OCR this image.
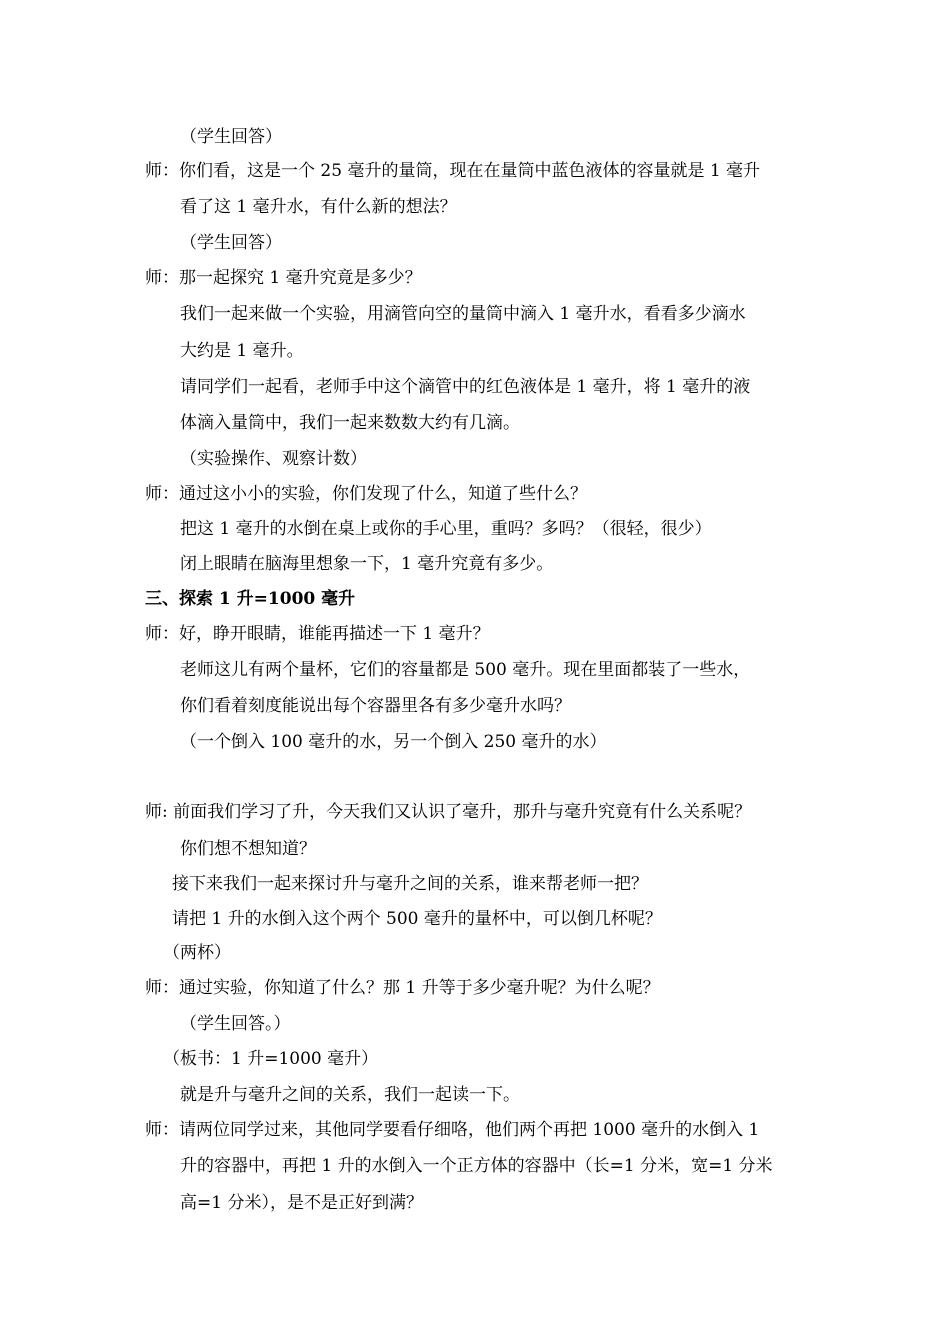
（学生回答）
师：你们看，这是一个 25 毫升的量筒，现在在量筒中蓝色液体的容量就是 1 毫升
看了这 1 毫升水，有什么新的想法？
（学生回答）
师：那一起探究 1 毫升究竟是多少？
我们一起来做一个实验，用滴管向空的量筒中滴入 1 毫升水，看看多少滴水
大约是 1 毫升。
请同学们一起看，老师手中这个滴管中的红色液体是 1 毫升，将 1 毫升的液
体滴入量筒中，我们一起来数数大约有几滴。
（实验操作、观察计数）
师：通过这小小的实验，你们发现了什么，知道了些什么？
把这 1 毫升的水倒在桌上或你的手心里，重吗？多吗？（很轻，很少）
闭上眼睛在脑海里想象一下，1 毫升究竟有多少。
三、探索 1 升=1000 毫升
师：好，睁开眼睛，谁能再描述一下 1 毫升？
老师这儿有两个量杯，它们的容量都是 500 毫升。现在里面都装了一些水，
你们看着刻度能说出每个容器里各有多少毫升水吗？
（一个倒入 100 毫升的水，另一个倒入 250 毫升的水）
师: 前面我们学习了升，今天我们又认识了毫升，那升与毫升究竟有什么关系呢？
你们想不想知道？
接下来我们一起来探讨升与毫升之间的关系，谁来帮老师一把？
请把 1 升的水倒入这个两个 500 毫升的量杯中，可以倒几杯呢？
（两杯）
师：通过实验，你知道了什么？那 1 升等于多少毫升呢？为什么呢？
（学生回答。）
（板书：1 升=1000 毫升）
就是升与毫升之间的关系，我们一起读一下。
师：请两位同学过来，其他同学要看仔细咯，他们两个再把 1000 毫升的水倒入 1
升的容器中，再把 1 升的水倒入一个正方体的容器中（长=1 分米，宽=1 分米
高=1 分米），是不是正好到满？
